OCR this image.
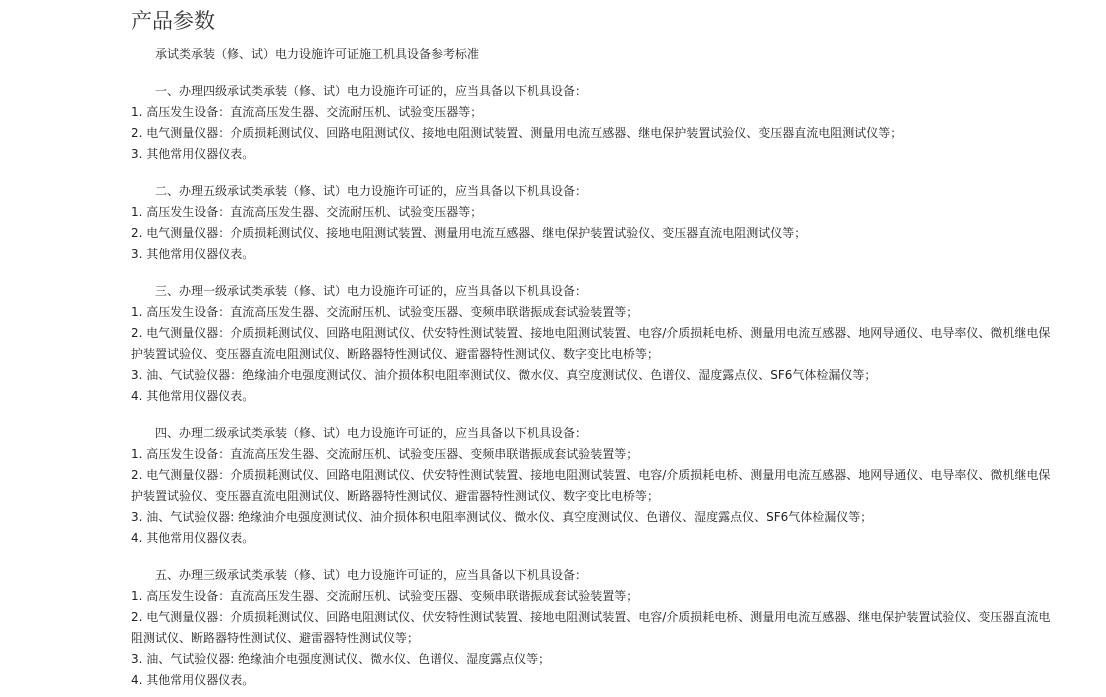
产品参数
承试类承装（修、试）电力设施许可证施工机具设备参考标准
一、办理四级承试类承装（修、试）电力设施许可证的，应当具备以下机具设备：
1. 高压发生设备：直流高压发生器、交流耐压机、试验变压器等；
2. 电气测量仪器：介质损耗测试仪、回路电阻测试仪、接地电阻测试装置、测量用电流互感器、继电保护装置试验仪、变压器直流电阻测试仪等；
3. 其他常用仪器仪表。
二、办理五级承试类承装（修、试）电力设施许可证的，应当具备以下机具设备：
1. 高压发生设备：直流高压发生器、交流耐压机、试验变压器等；
2. 电气测量仪器：介质损耗测试仪、接地电阻测试装置、测量用电流互感器、继电保护装置试验仪、变压器直流电阻测试仪等；
3. 其他常用仪器仪表。
三、办理一级承试类承装（修、试）电力设施许可证的，应当具备以下机具设备：
1. 高压发生设备：直流高压发生器、交流耐压机、试验变压器、变频串联谐振成套试验装置等；
2. 电气测量仪器：介质损耗测试仪、回路电阻测试仪、伏安特性测试装置、接地电阻测试装置、电容/介质损耗电桥、测量用电流互感器、地网导通仪、电导率仪、微机继电保护装置试验仪、变压器直流电阻测试仪、断路器特性测试仪、避雷器特性测试仪、数字变比电桥等；
3. 油、气试验仪器：绝缘油介电强度测试仪、油介损体积电阻率测试仪、微水仪、真空度测试仪、色谱仪、湿度露点仪、SF6气体检漏仪等；
4. 其他常用仪器仪表。
四、办理二级承试类承装（修、试）电力设施许可证的，应当具备以下机具设备：
1. 高压发生设备：直流高压发生器、交流耐压机、试验变压器、变频串联谐振成套试验装置等；
2. 电气测量仪器：介质损耗测试仪、回路电阻测试仪、伏安特性测试装置、接地电阻测试装置、电容/介质损耗电桥、测量用电流互感器、地网导通仪、电导率仪、微机继电保护装置试验仪、变压器直流电阻测试仪、断路器特性测试仪、避雷器特性测试仪、数字变比电桥等；
3. 油、气试验仪器: 绝缘油介电强度测试仪、油介损体积电阻率测试仪、微水仪、真空度测试仪、色谱仪、湿度露点仪、SF6气体检漏仪等；
4. 其他常用仪器仪表。
五、办理三级承试类承装（修、试）电力设施许可证的，应当具备以下机具设备：
1. 高压发生设备：直流高压发生器、交流耐压机、试验变压器、变频串联谐振成套试验装置等；
2. 电气测量仪器：介质损耗测试仪、回路电阻测试仪、伏安特性测试装置、接地电阻测试装置、电容/介质损耗电桥、测量用电流互感器、继电保护装置试验仪、变压器直流电阻测试仪、断路器特性测试仪、避雷器特性测试仪等；
3. 油、气试验仪器: 绝缘油介电强度测试仪、微水仪、色谱仪、湿度露点仪等；
4. 其他常用仪器仪表。
